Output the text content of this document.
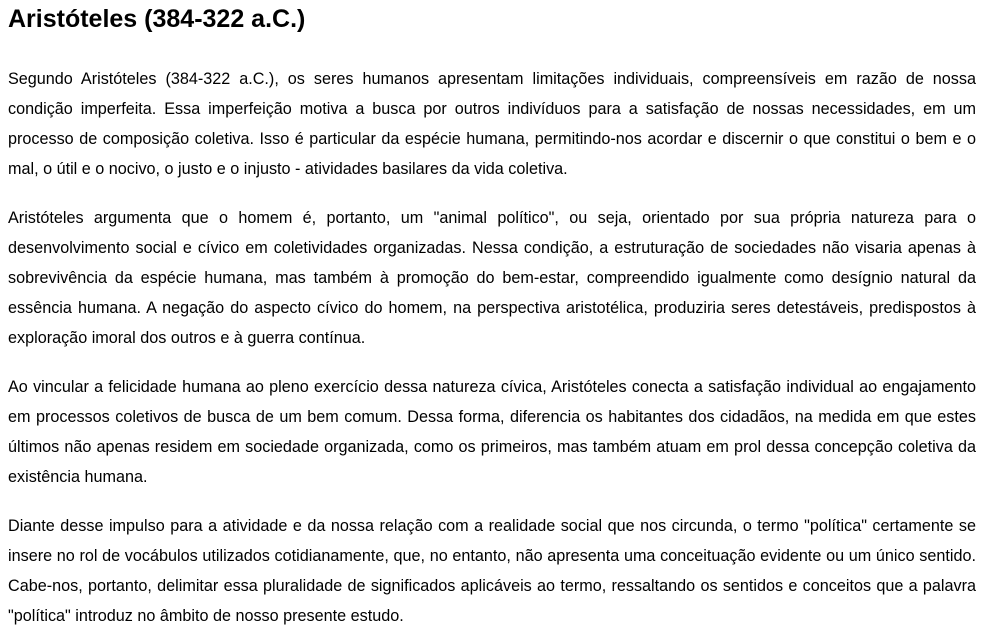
Aristóteles (384-322 a.C.)

Segundo Aristóteles (384-322 a.C.), os seres humanos apresentam limitações individuais, compreensíveis em razão de nossa condição imperfeita. Essa imperfeição motiva a busca por outros indivíduos para a satisfação de nossas necessidades, em um processo de composição coletiva. Isso é particular da espécie humana, permitindo-nos acordar e discernir o que constitui o bem e o mal, o útil e o nocivo, o justo e o injusto - atividades basilares da vida coletiva.

Aristóteles argumenta que o homem é, portanto, um "animal político", ou seja, orientado por sua própria natureza para o desenvolvimento social e cívico em coletividades organizadas. Nessa condição, a estruturação de sociedades não visaria apenas à sobrevivência da espécie humana, mas também à promoção do bem-estar, compreendido igualmente como desígnio natural da essência humana. A negação do aspecto cívico do homem, na perspectiva aristotélica, produziria seres detestáveis, predispostos à exploração imoral dos outros e à guerra contínua.

Ao vincular a felicidade humana ao pleno exercício dessa natureza cívica, Aristóteles conecta a satisfação individual ao engajamento em processos coletivos de busca de um bem comum. Dessa forma, diferencia os habitantes dos cidadãos, na medida em que estes últimos não apenas residem em sociedade organizada, como os primeiros, mas também atuam em prol dessa concepção coletiva da existência humana.

Diante desse impulso para a atividade e da nossa relação com a realidade social que nos circunda, o termo "política" certamente se insere no rol de vocábulos utilizados cotidianamente, que, no entanto, não apresenta uma conceituação evidente ou um único sentido. Cabe-nos, portanto, delimitar essa pluralidade de significados aplicáveis ao termo, ressaltando os sentidos e conceitos que a palavra "política" introduz no âmbito de nosso presente estudo.
